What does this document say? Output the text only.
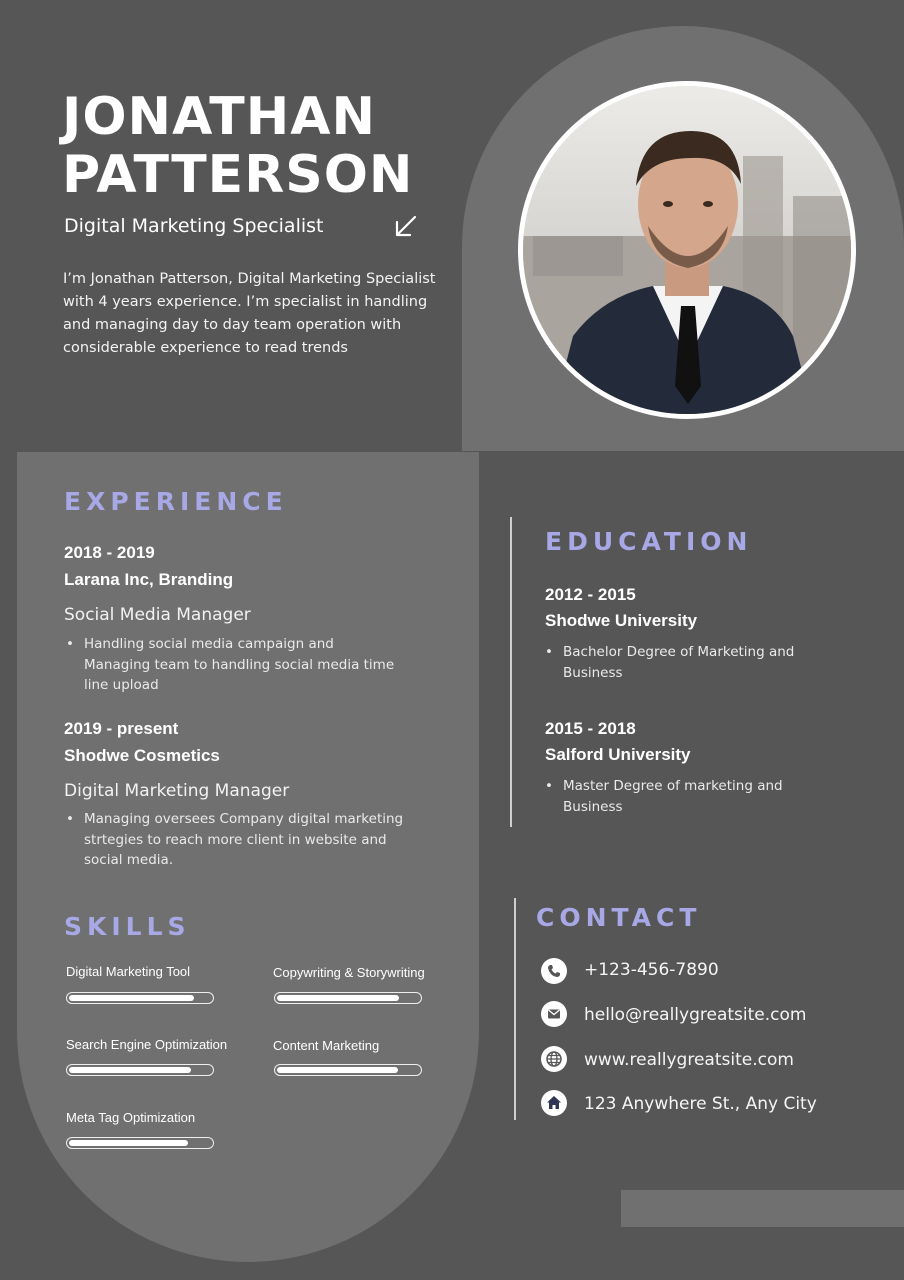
JONATHAN
PATTERSON
Digital Marketing Specialist
I’m Jonathan Patterson, Digital Marketing Specialist with 4 years experience. I’m specialist in handling and managing day to day team operation with considerable experience to read trends
EXPERIENCE
2018 - 2019
Larana Inc, Branding
Social Media Manager
• Handling social media campaign and Managing team to handling social media time line upload
2019 - present
Shodwe Cosmetics
Digital Marketing Manager
• Managing oversees Company digital marketing strtegies to reach more client in website and social media.
SKILLS
Digital Marketing Tool	Copywriting & Storywriting
Search Engine Optimization	Content Marketing
Meta Tag Optimization
EDUCATION
2012 - 2015
Shodwe University
• Bachelor Degree of Marketing and Business
2015 - 2018
Salford University
• Master Degree of marketing and Business
CONTACT
+123-456-7890
hello@reallygreatsite.com
www.reallygreatsite.com
123 Anywhere St., Any City
